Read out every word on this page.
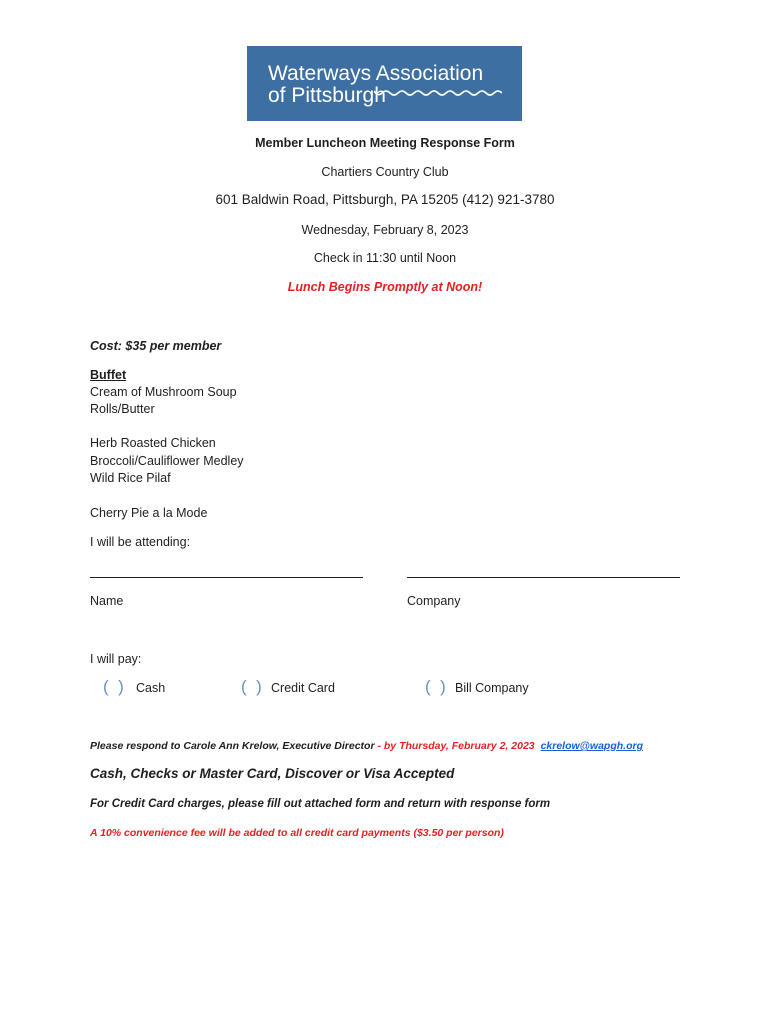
Waterways Association
of Pittsburgh
Member Luncheon Meeting Response Form
Chartiers Country Club
601 Baldwin Road, Pittsburgh, PA 15205 (412) 921-3780
Wednesday, February 8, 2023
Check in 11:30 until Noon
Lunch Begins Promptly at Noon!
Cost: $35 per member
Buffet
Cream of Mushroom Soup
Rolls/Butter
Herb Roasted Chicken
Broccoli/Cauliflower Medley
Wild Rice Pilaf
Cherry Pie a la Mode
I will be attending:
Name	Company
I will pay:
(  ) Cash	(  ) Credit Card	(  ) Bill Company
Please respond to Carole Ann Krelow, Executive Director - by Thursday, February 2, 2023 ckrelow@wapgh.org
Cash, Checks or Master Card, Discover or Visa Accepted
For Credit Card charges, please fill out attached form and return with response form
A 10% convenience fee will be added to all credit card payments ($3.50 per person)
